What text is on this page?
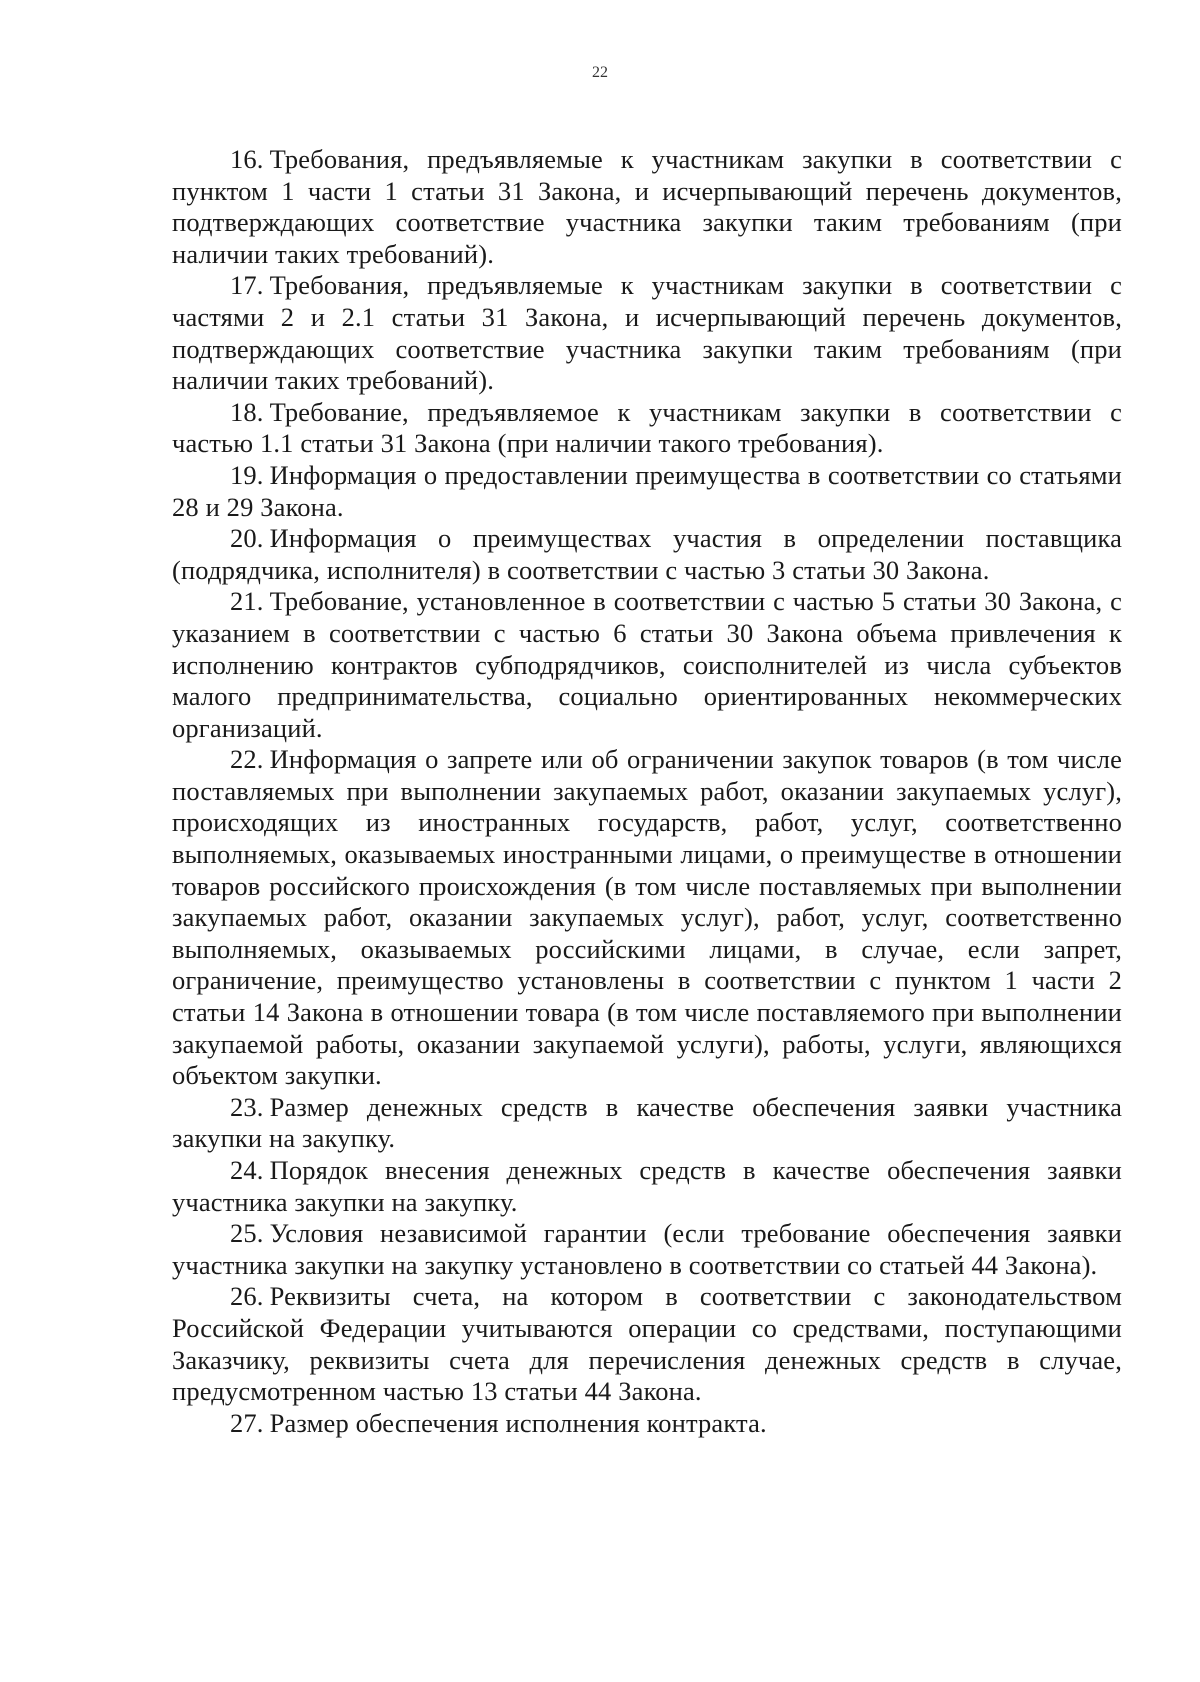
22

16. Требования, предъявляемые к участникам закупки в соответствии с пунктом 1 части 1 статьи 31 Закона, и исчерпывающий перечень документов, подтверждающих соответствие участника закупки таким требованиям (при наличии таких требований).

17. Требования, предъявляемые к участникам закупки в соответствии с частями 2 и 2.1 статьи 31 Закона, и исчерпывающий перечень документов, подтверждающих соответствие участника закупки таким требованиям (при наличии таких требований).

18. Требование, предъявляемое к участникам закупки в соответствии с частью 1.1 статьи 31 Закона (при наличии такого требования).

19. Информация о предоставлении преимущества в соответствии со статьями 28 и 29 Закона.

20. Информация о преимуществах участия в определении поставщика (подрядчика, исполнителя) в соответствии с частью 3 статьи 30 Закона.

21. Требование, установленное в соответствии с частью 5 статьи 30 Закона, с указанием в соответствии с частью 6 статьи 30 Закона объема привлечения к исполнению контрактов субподрядчиков, соисполнителей из числа субъектов малого предпринимательства, социально ориентированных некоммерческих организаций.

22. Информация о запрете или об ограничении закупок товаров (в том числе поставляемых при выполнении закупаемых работ, оказании закупаемых услуг), происходящих из иностранных государств, работ, услуг, соответственно выполняемых, оказываемых иностранными лицами, о преимуществе в отношении товаров российского происхождения (в том числе поставляемых при выполнении закупаемых работ, оказании закупаемых услуг), работ, услуг, соответственно выполняемых, оказываемых российскими лицами, в случае, если запрет, ограничение, преимущество установлены в соответствии с пунктом 1 части 2 статьи 14 Закона в отношении товара (в том числе поставляемого при выполнении закупаемой работы, оказании закупаемой услуги), работы, услуги, являющихся объектом закупки.

23. Размер денежных средств в качестве обеспечения заявки участника закупки на закупку.

24. Порядок внесения денежных средств в качестве обеспечения заявки участника закупки на закупку.

25. Условия независимой гарантии (если требование обеспечения заявки участника закупки на закупку установлено в соответствии со статьей 44 Закона).

26. Реквизиты счета, на котором в соответствии с законодательством Российской Федерации учитываются операции со средствами, поступающими Заказчику, реквизиты счета для перечисления денежных средств в случае, предусмотренном частью 13 статьи 44 Закона.

27. Размер обеспечения исполнения контракта.
